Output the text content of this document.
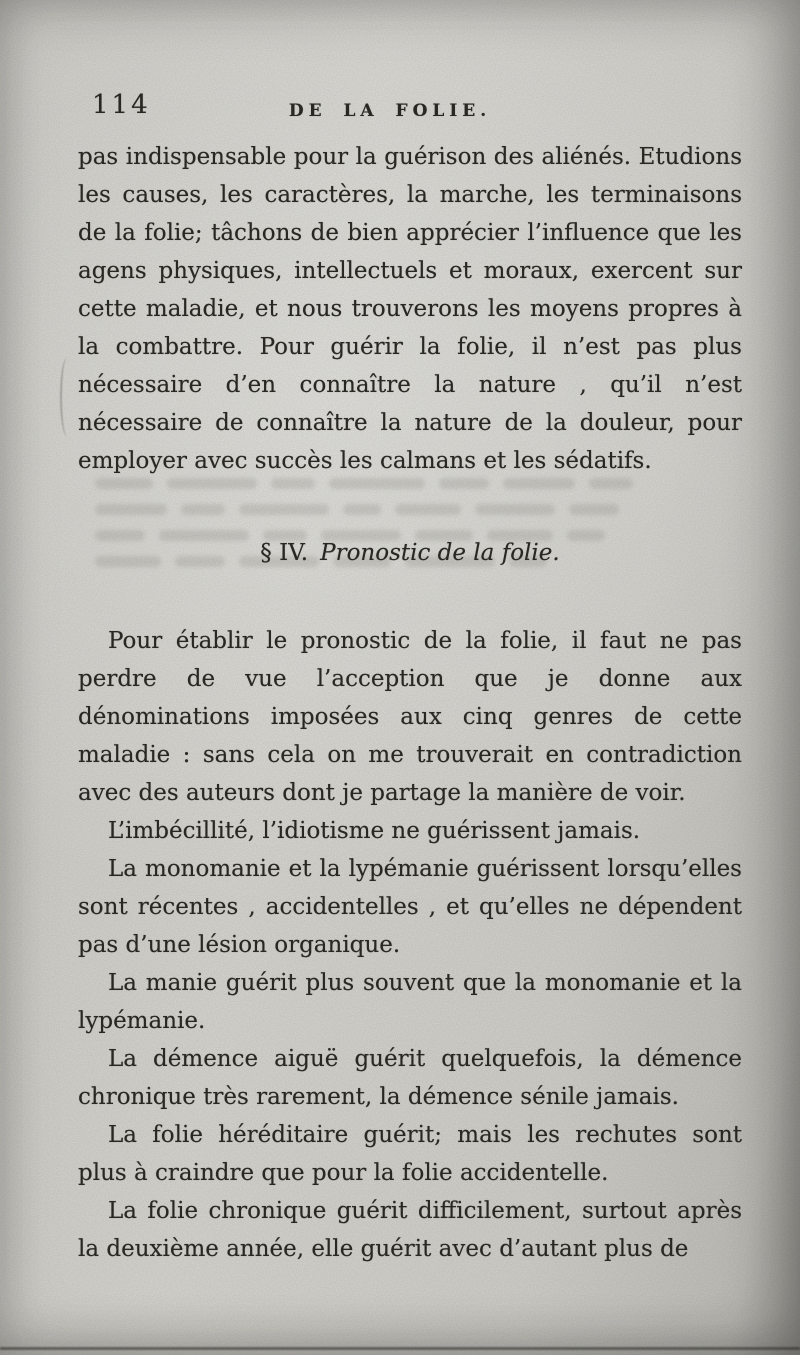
114	DE LA FOLIE.

pas indispensable pour la guérison des aliénés. Etudions les causes, les caractères, la marche, les terminaisons de la folie; tâchons de bien apprécier l’influence que les agens physiques, intellectuels et moraux, exercent sur cette maladie, et nous trouverons les moyens propres à la combattre. Pour guérir la folie, il n’est pas plus nécessaire d’en connaître la nature , qu’il n’est nécessaire de connaître la nature de la douleur, pour employer avec succès les calmans et les sédatifs.

§ IV. Pronostic de la folie.

Pour établir le pronostic de la folie, il faut ne pas perdre de vue l’acception que je donne aux dénominations imposées aux cinq genres de cette maladie : sans cela on me trouverait en contradiction avec des auteurs dont je partage la manière de voir.

L’imbécillité, l’idiotisme ne guérissent jamais.

La monomanie et la lypémanie guérissent lorsqu’elles sont récentes , accidentelles , et qu’elles ne dépendent pas d’une lésion organique.

La manie guérit plus souvent que la monomanie et la lypémanie.

La démence aiguë guérit quelquefois, la démence chronique très rarement, la démence sénile jamais.

La folie héréditaire guérit; mais les rechutes sont plus à craindre que pour la folie accidentelle.

La folie chronique guérit difficilement, surtout après la deuxième année, elle guérit avec d’autant plus de
